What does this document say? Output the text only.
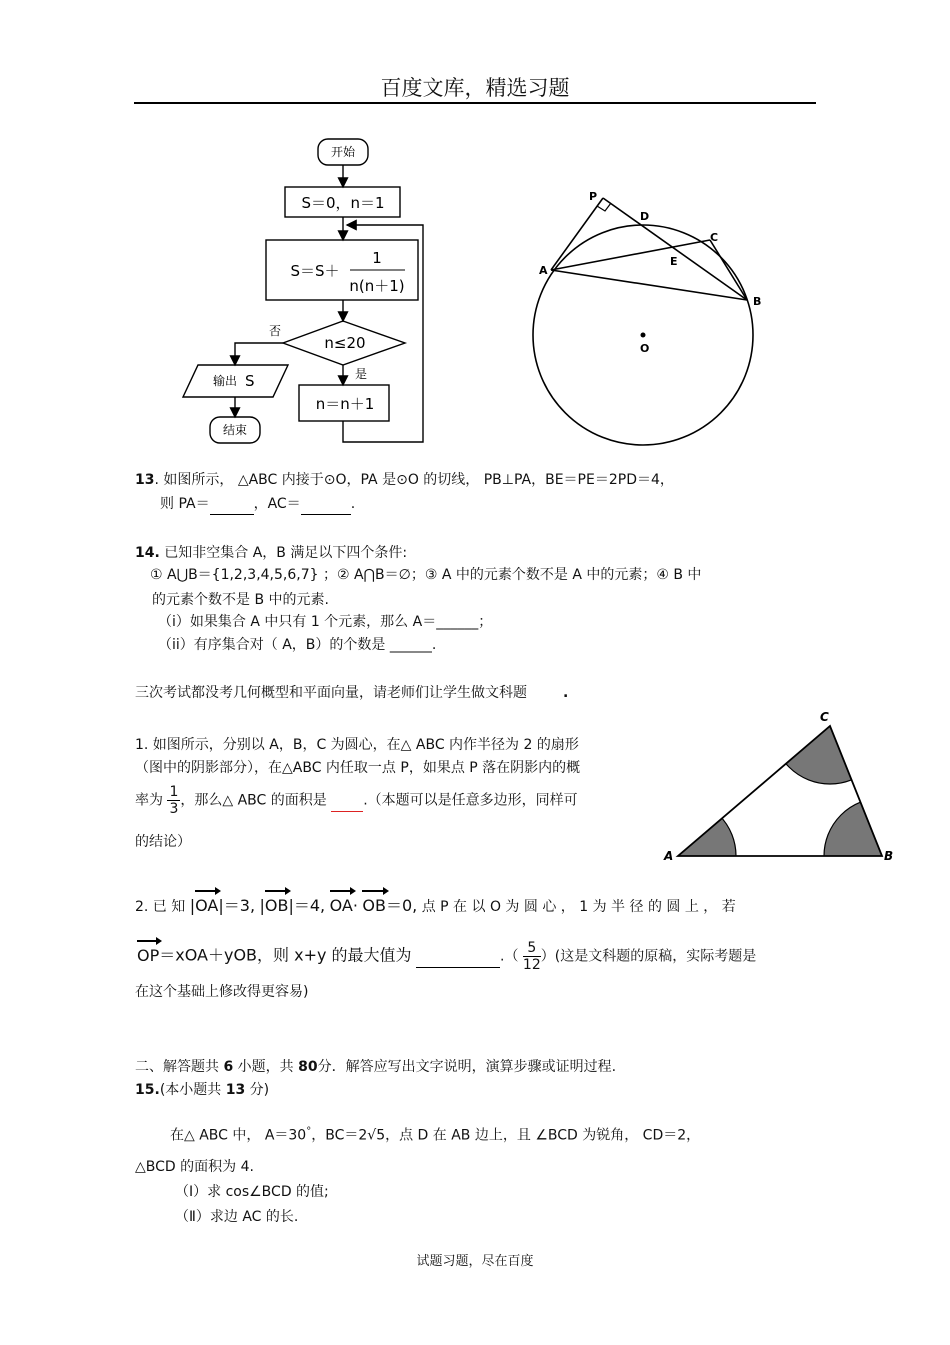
百度文库，精选习题
开始
S＝0，n＝1
S＝S＋
1
n(n＋1)
n≤20
否
是
输出 S
n＝n＋1
结束
P
D
C
E
A
B
O
13. 如图所示， △ABC 内接于⊙O，PA 是⊙O 的切线， PB⊥PA，BE＝PE＝2PD＝4，
则 PA＝	，AC＝	.
14. 已知非空集合 A，B 满足以下四个条件:
① A⋃B＝{1,2,3,4,5,6,7} ；② A⋂B＝∅；③ A 中的元素个数不是 A 中的元素；④ B 中
的元素个数不是 B 中的元素.
（i）如果集合 A 中只有 1 个元素，那么 A＝______；
（ii）有序集合对（ A，B）的个数是 ______.
三次考试都没考几何概型和平面向量，请老师们让学生做文科题	.
A	B
C
1. 如图所示，分别以 A，B，C 为圆心，在△ ABC 内作半径为 2 的扇形
（图中的阴影部分），在△ABC 内任取一点 P，如果点 P 落在阴影内的概
率为 $\frac{1}{3}$ ，那么△ ABC 的面积是	.（本题可以是任意多边形，同样可
的结论）
2. 已 知 |OA|＝3, |OB|＝4, OA· OB＝0, 点 P 在 以 O 为 圆 心 ， 1 为 半 径 的 圆 上 ， 若
OP＝xOA＋yOB，则 x+y 的最大值为	.（ $\frac{5}{12}$ ）(这是文科题的原稿，实际考题是
在这个基础上修改得更容易)
二、解答题共 6 小题，共 80分．解答应写出文字说明，演算步骤或证明过程.
15.(本小题共 13 分)
在△ ABC 中， A＝30°，BC＝2√5，点 D 在 AB 边上，且 ∠BCD 为锐角， CD＝2，
△BCD 的面积为 4.
（Ⅰ）求 cos∠BCD 的值;
（Ⅱ）求边 AC 的长.
试题习题，尽在百度
